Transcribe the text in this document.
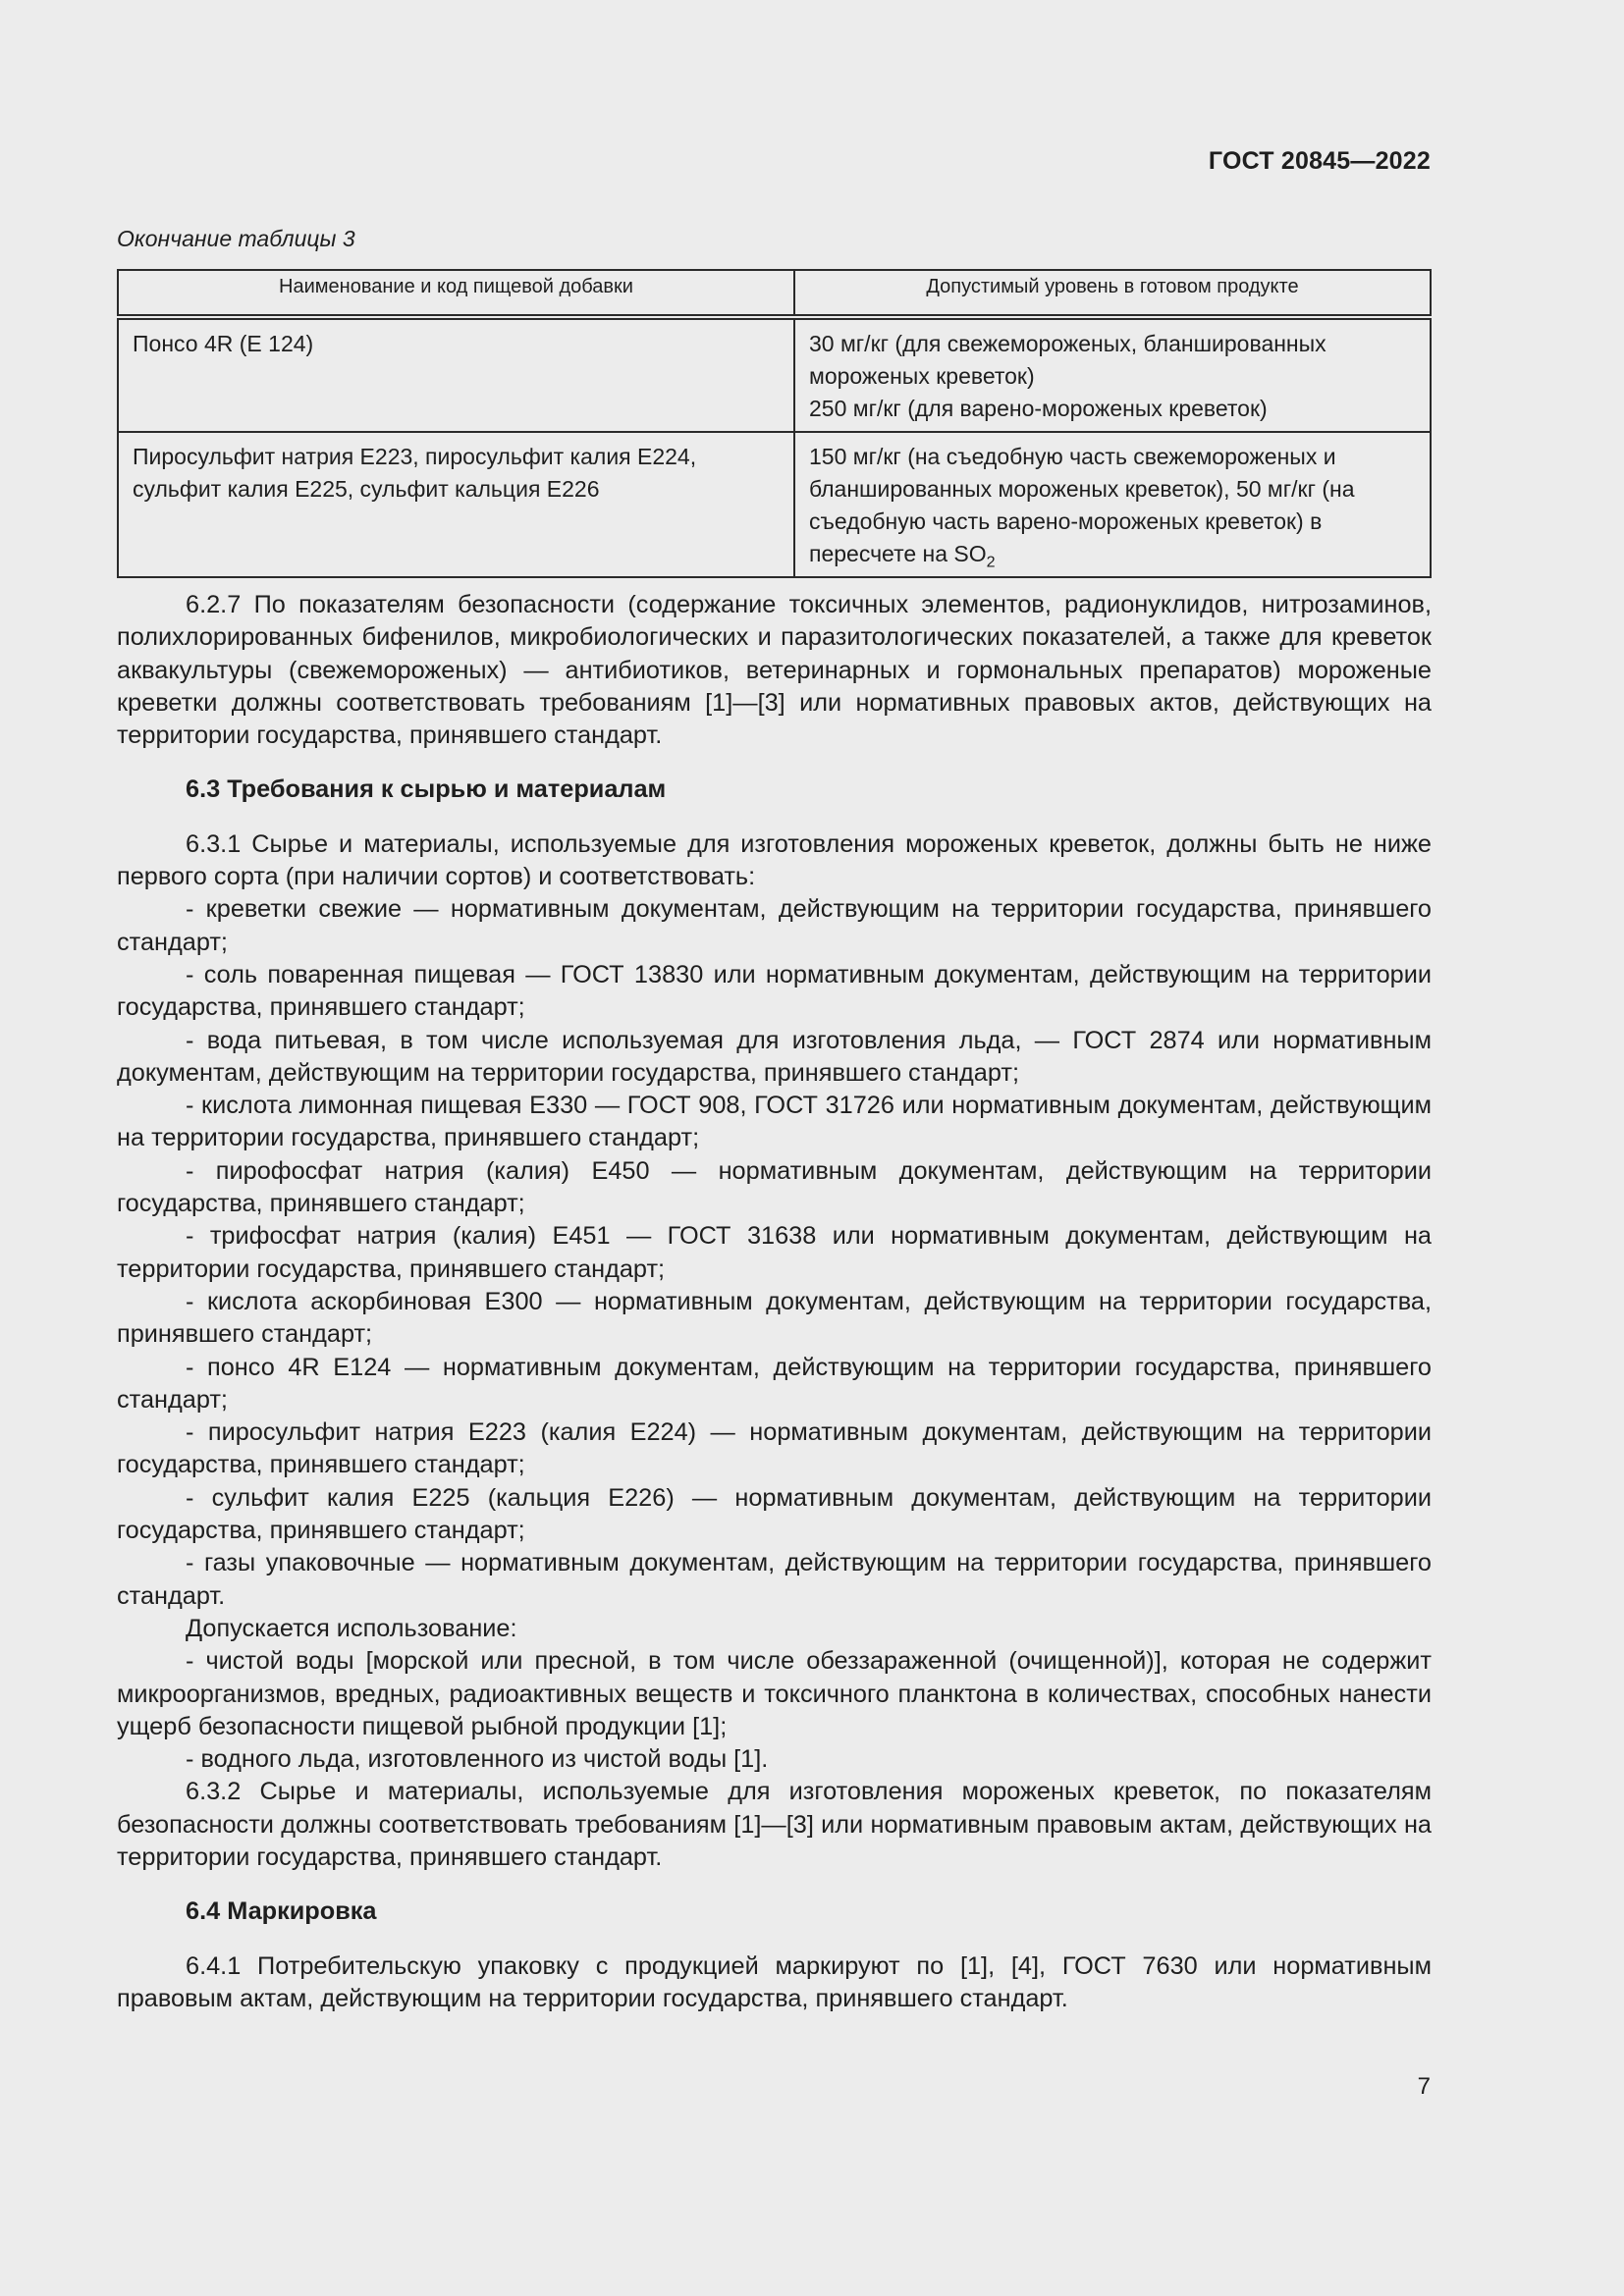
ГОСТ 20845—2022
Окончание таблицы 3
Наименование и код пищевой добавки	Допустимый уровень в готовом продукте
Понсо 4R (E 124)	30 мг/кг (для свежемороженых, бланшированных мороженых креветок)
250 мг/кг (для варено-мороженых креветок)

Пиросульфит натрия E223, пиросульфит калия E224, сульфит калия E225, сульфит кальция E226	150 мг/кг (на съедобную часть свежемороженых и бланшированных мороженых креветок), 50 мг/кг (на съедобную часть варено-мороженых креветок) в пересчете на $SO_2$

6.2.7 По показателям безопасности (содержание токсичных элементов, радионуклидов, нитрозаминов, полихлорированных бифенилов, микробиологических и паразитологических показателей, а также для креветок аквакультуры (свежемороженых) — антибиотиков, ветеринарных и гормональных препаратов) мороженые креветки должны соответствовать требованиям [1]—[3] или нормативных правовых актов, действующих на территории государства, принявшего стандарт.

6.3 Требования к сырью и материалам

6.3.1 Сырье и материалы, используемые для изготовления мороженых креветок, должны быть не ниже первого сорта (при наличии сортов) и соответствовать:

- креветки свежие — нормативным документам, действующим на территории государства, принявшего стандарт;

- соль поваренная пищевая — ГОСТ 13830 или нормативным документам, действующим на территории государства, принявшего стандарт;

- вода питьевая, в том числе используемая для изготовления льда, — ГОСТ 2874 или нормативным документам, действующим на территории государства, принявшего стандарт;

- кислота лимонная пищевая E330 — ГОСТ 908, ГОСТ 31726 или нормативным документам, действующим на территории государства, принявшего стандарт;

- пирофосфат натрия (калия) E450 — нормативным документам, действующим на территории государства, принявшего стандарт;

- трифосфат натрия (калия) E451 — ГОСТ 31638 или нормативным документам, действующим на территории государства, принявшего стандарт;

- кислота аскорбиновая E300 — нормативным документам, действующим на территории государства, принявшего стандарт;

- понсо 4R E124 — нормативным документам, действующим на территории государства, принявшего стандарт;

- пиросульфит натрия E223 (калия E224) — нормативным документам, действующим на территории государства, принявшего стандарт;

- сульфит калия E225 (кальция E226) — нормативным документам, действующим на территории государства, принявшего стандарт;

- газы упаковочные — нормативным документам, действующим на территории государства, принявшего стандарт.

Допускается использование:

- чистой воды [морской или пресной, в том числе обеззараженной (очищенной)], которая не содержит микроорганизмов, вредных, радиоактивных веществ и токсичного планктона в количествах, способных нанести ущерб безопасности пищевой рыбной продукции [1];

- водного льда, изготовленного из чистой воды [1].

6.3.2 Сырье и материалы, используемые для изготовления мороженых креветок, по показателям безопасности должны соответствовать требованиям [1]—[3] или нормативным правовым актам, действующих на территории государства, принявшего стандарт.

6.4 Маркировка

6.4.1 Потребительскую упаковку с продукцией маркируют по [1], [4], ГОСТ 7630 или нормативным правовым актам, действующим на территории государства, принявшего стандарт.

7
